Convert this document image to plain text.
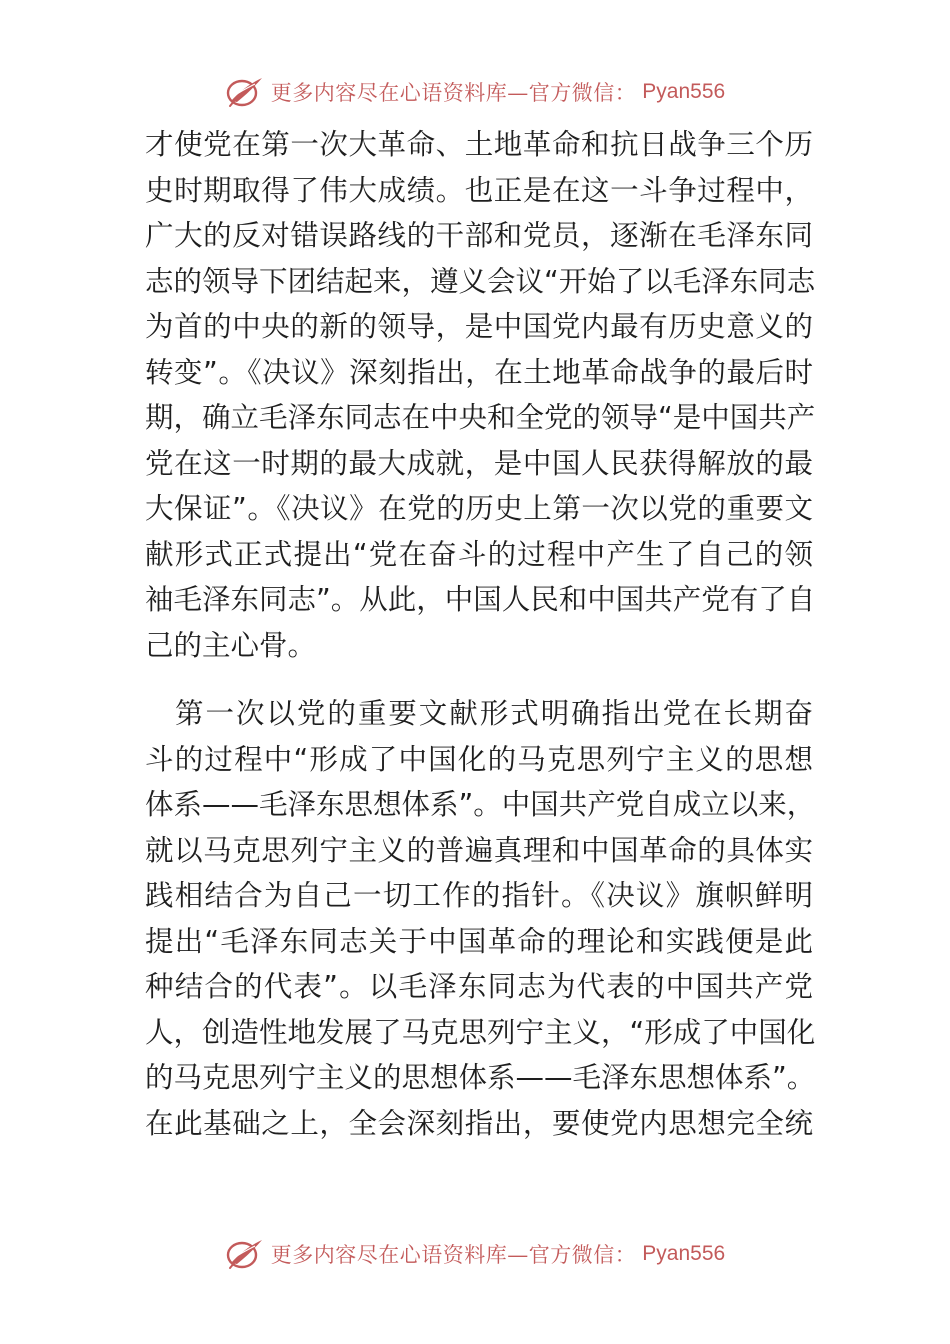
更多内容尽在心语资料库—官方微信： Pyan556
才使党在第一次大革命、土地革命和抗日战争三个历
史时期取得了伟大成绩。也正是在这一斗争过程中，
广大的反对错误路线的干部和党员，逐渐在毛泽东同
志的领导下团结起来，遵义会议“开始了以毛泽东同志
为首的中央的新的领导，是中国党内最有历史意义的
转变”。《决议》深刻指出，在土地革命战争的最后时
期，确立毛泽东同志在中央和全党的领导“是中国共产
党在这一时期的最大成就，是中国人民获得解放的最
大保证”。《决议》在党的历史上第一次以党的重要文
献形式正式提出“党在奋斗的过程中产生了自己的领
袖毛泽东同志”。从此，中国人民和中国共产党有了自
己的主心骨。
第一次以党的重要文献形式明确指出党在长期奋
斗的过程中“形成了中国化的马克思列宁主义的思想
体系——毛泽东思想体系”。中国共产党自成立以来，
就以马克思列宁主义的普遍真理和中国革命的具体实
践相结合为自己一切工作的指针。《决议》旗帜鲜明
提出“毛泽东同志关于中国革命的理论和实践便是此
种结合的代表”。以毛泽东同志为代表的中国共产党
人，创造性地发展了马克思列宁主义，“形成了中国化
的马克思列宁主义的思想体系——毛泽东思想体系”。
在此基础之上，全会深刻指出，要使党内思想完全统
更多内容尽在心语资料库—官方微信： Pyan556
